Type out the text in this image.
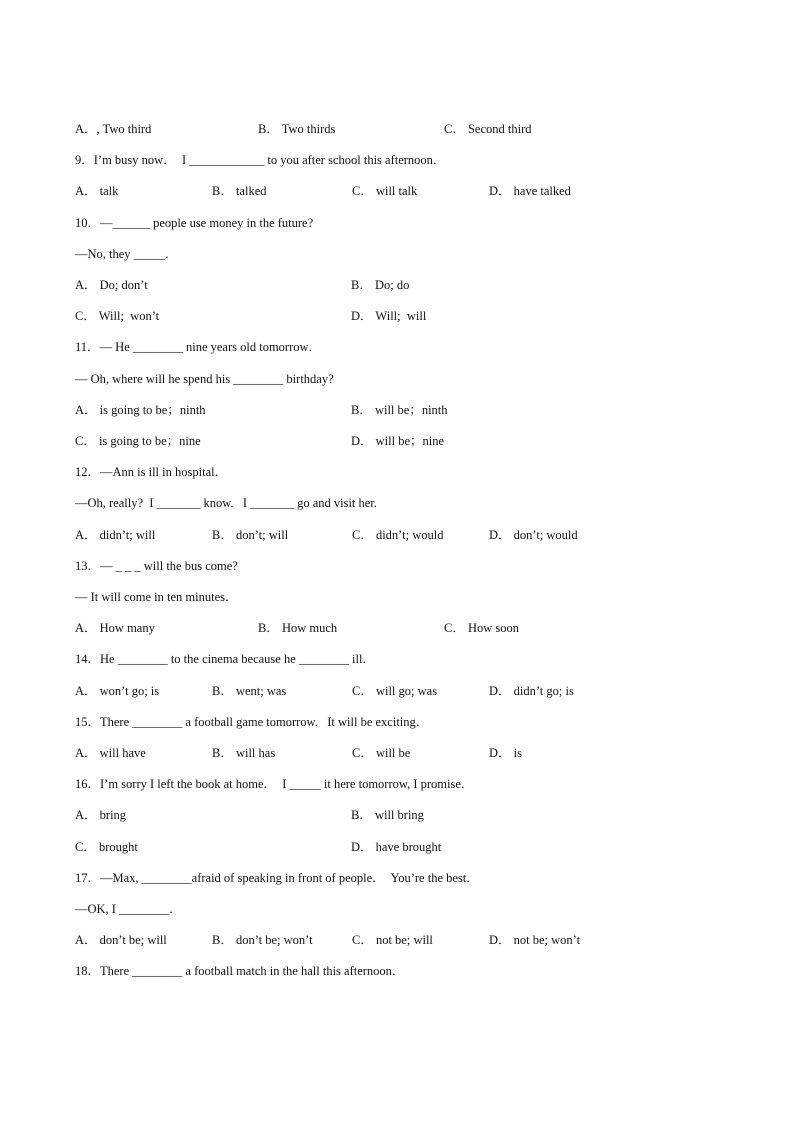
A．, Two third	B． Two thirds	C． Second third
9．I’m busy now．  I ____________ to you after school this afternoon．
A． talk	B． talked	C． will talk	D． have talked
10．—______ people use money in the future?
—No, they _____．
A． Do; don’t	B． Do; do
C． Will;  won’t	D． Will;  will
11．— He ________ nine years old tomorrow．
— Oh, where will he spend his ________ birthday?
A． is going to be；ninth	B． will be；ninth
C． is going to be；nine	D． will be；nine
12．—Ann is ill in hospital．
—Oh, really?  I _______ know.   I _______ go and visit her.
A． didn’t; will	B． don’t; will	C． didn’t; would	D． don’t; would
13．— _ _ _ will the bus come?
— It will come in ten minutes．
A． How many	B． How much	C． How soon
14．He ________ to the cinema because he ________ ill．
A． won’t go; is	B． went; was	C． will go; was	D． didn’t go; is
15．There ________ a football game tomorrow.   It will be exciting．
A． will have	B． will has	C． will be	D． is
16．I’m sorry I left the book at home．  I _____ it here tomorrow, I promise．
A． bring	B． will bring
C． brought	D． have brought
17．—Max, ________afraid of speaking in front of people．  You’re the best．
—OK, I ________．
A． don’t be; will	B． don’t be; won’t	C． not be; will	D． not be; won’t
18．There ________ a football match in the hall this afternoon．
